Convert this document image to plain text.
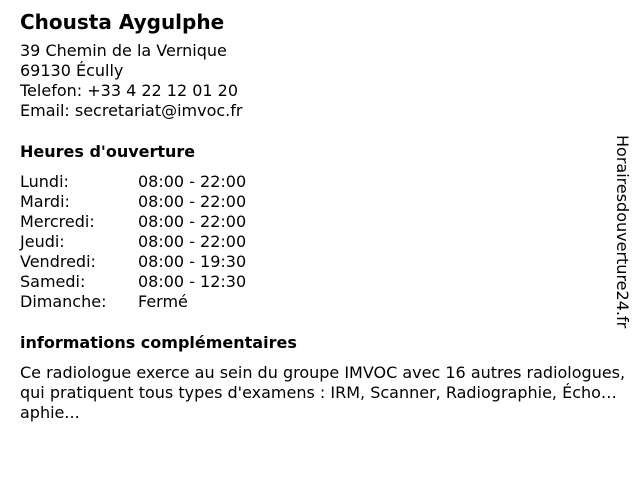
Chousta Aygulphe
39 Chemin de la Vernique
69130 Écully
Telefon: +33 4 22 12 01 20
Email: secretariat@imvoc.fr
Heures d'ouverture
Lundi:	08:00 - 22:00
Mardi:	08:00 - 22:00
Mercredi:	08:00 - 22:00
Jeudi:	08:00 - 22:00
Vendredi:	08:00 - 19:30
Samedi:	08:00 - 12:30
Dimanche:	Fermé
informations complémentaires
Ce radiologue exerce au sein du groupe IMVOC avec 16 autres radiologues, qui pratiquent tous types d'examens : IRM, Scanner, Radiographie, Échographie...
Horairesdouverture24.fr
